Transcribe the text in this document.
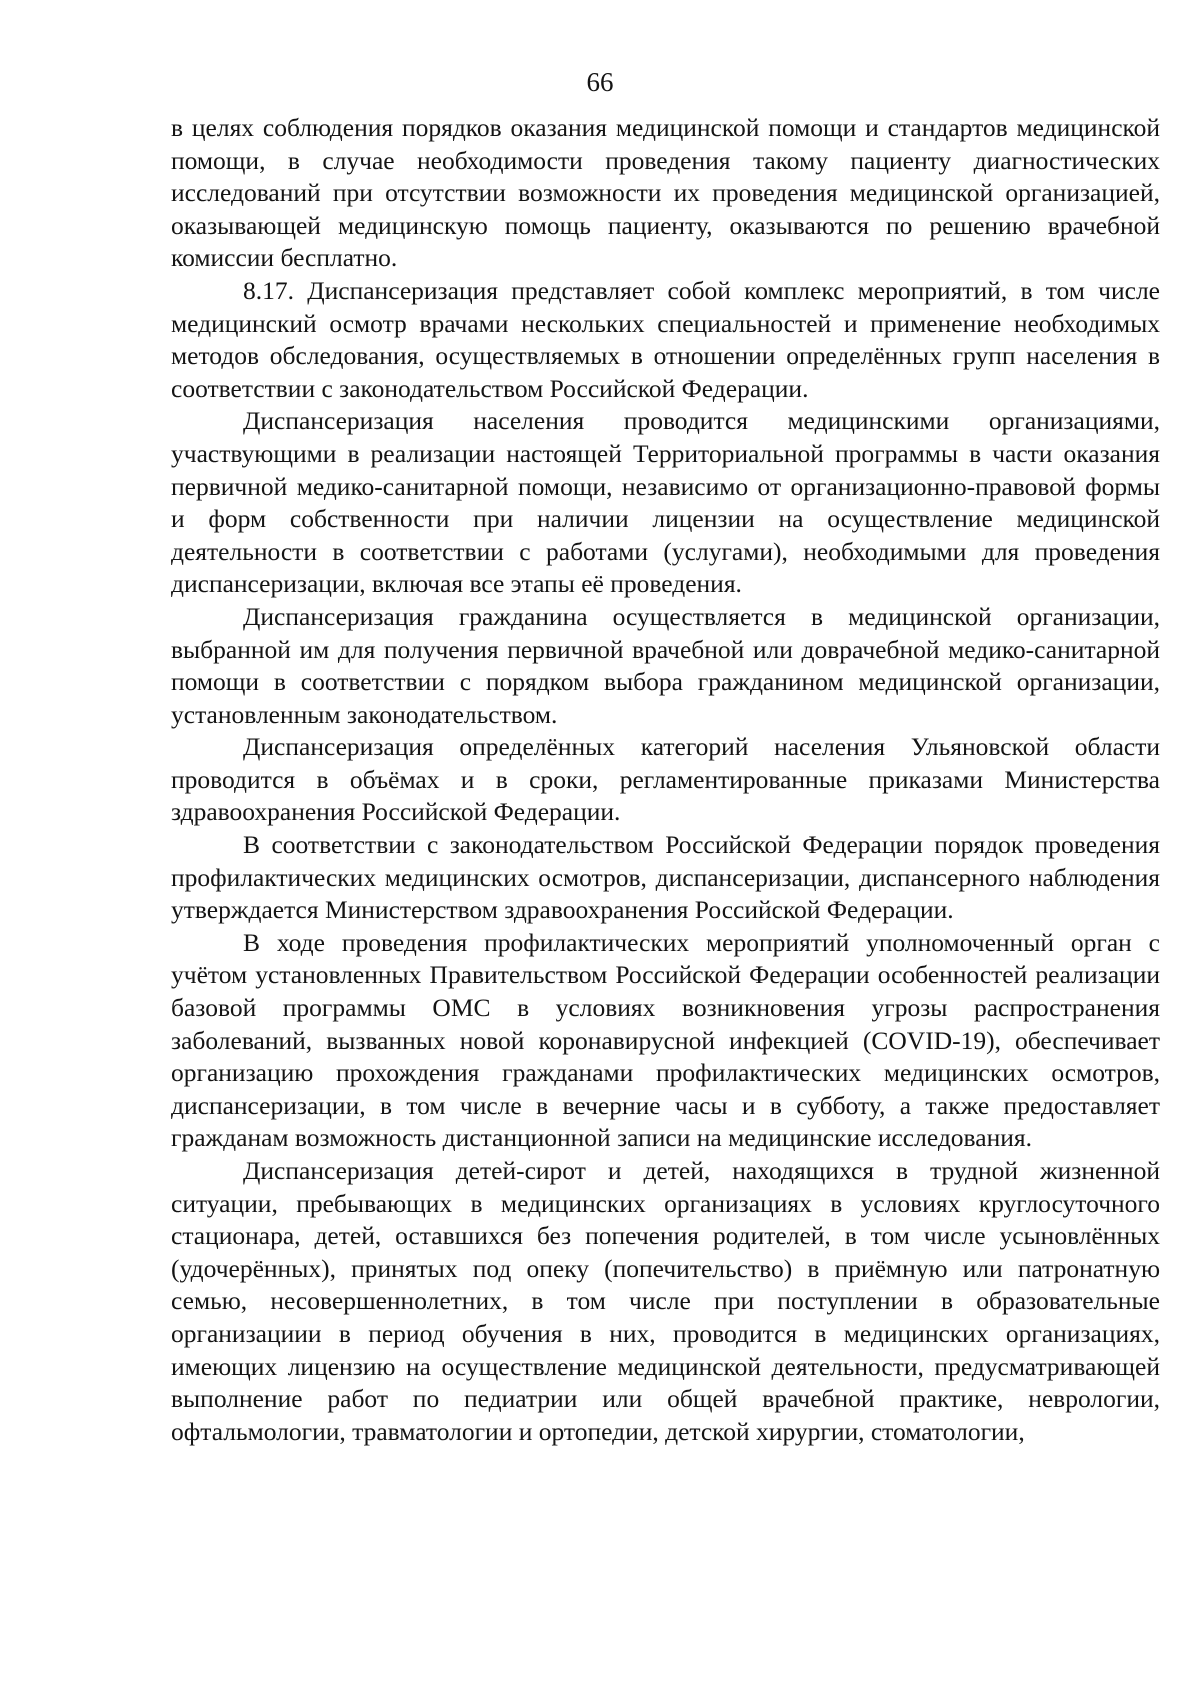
66

в целях соблюдения порядков оказания медицинской помощи и стандартов медицинской помощи, в случае необходимости проведения такому пациенту диагностических исследований при отсутствии возможности их проведения медицинской организацией, оказывающей медицинскую помощь пациенту, оказываются по решению врачебной комиссии бесплатно.

8.17. Диспансеризация представляет собой комплекс мероприятий, в том числе медицинский осмотр врачами нескольких специальностей и применение необходимых методов обследования, осуществляемых в отношении определённых групп населения в соответствии с законодательством Российской Федерации.

Диспансеризация населения проводится медицинскими организациями, участвующими в реализации настоящей Территориальной программы в части оказания первичной медико-санитарной помощи, независимо от организационно-правовой формы и форм собственности при наличии лицензии на осуществление медицинской деятельности в соответствии с работами (услугами), необходимыми для проведения диспансеризации, включая все этапы её проведения.

Диспансеризация гражданина осуществляется в медицинской организации, выбранной им для получения первичной врачебной или доврачебной медико-санитарной помощи в соответствии с порядком выбора гражданином медицинской организации, установленным законодательством.

Диспансеризация определённых категорий населения Ульяновской области проводится в объёмах и в сроки, регламентированные приказами Министерства здравоохранения Российской Федерации.

В соответствии с законодательством Российской Федерации порядок проведения профилактических медицинских осмотров, диспансеризации, диспансерного наблюдения утверждается Министерством здравоохранения Российской Федерации.

В ходе проведения профилактических мероприятий уполномоченный орган с учётом установленных Правительством Российской Федерации особенностей реализации базовой программы ОМС в условиях возникновения угрозы распространения заболеваний, вызванных новой коронавирусной инфекцией (COVID-19), обеспечивает организацию прохождения гражданами профилактических медицинских осмотров, диспансеризации, в том числе в вечерние часы и в субботу, а также предоставляет гражданам возможность дистанционной записи на медицинские исследования.

Диспансеризация детей-сирот и детей, находящихся в трудной жизненной ситуации, пребывающих в медицинских организациях в условиях круглосуточного стационара, детей, оставшихся без попечения родителей, в том числе усыновлённых (удочерённых), принятых под опеку (попечительство) в приёмную или патронатную семью, несовершеннолетних, в том числе при поступлении в образовательные организациии в период обучения в них, проводится в медицинских организациях, имеющих лицензию на осуществление медицинской деятельности, предусматривающей выполнение работ по педиатрии или общей врачебной практике, неврологии, офтальмологии, травматологии и ортопедии, детской хирургии, стоматологии,
